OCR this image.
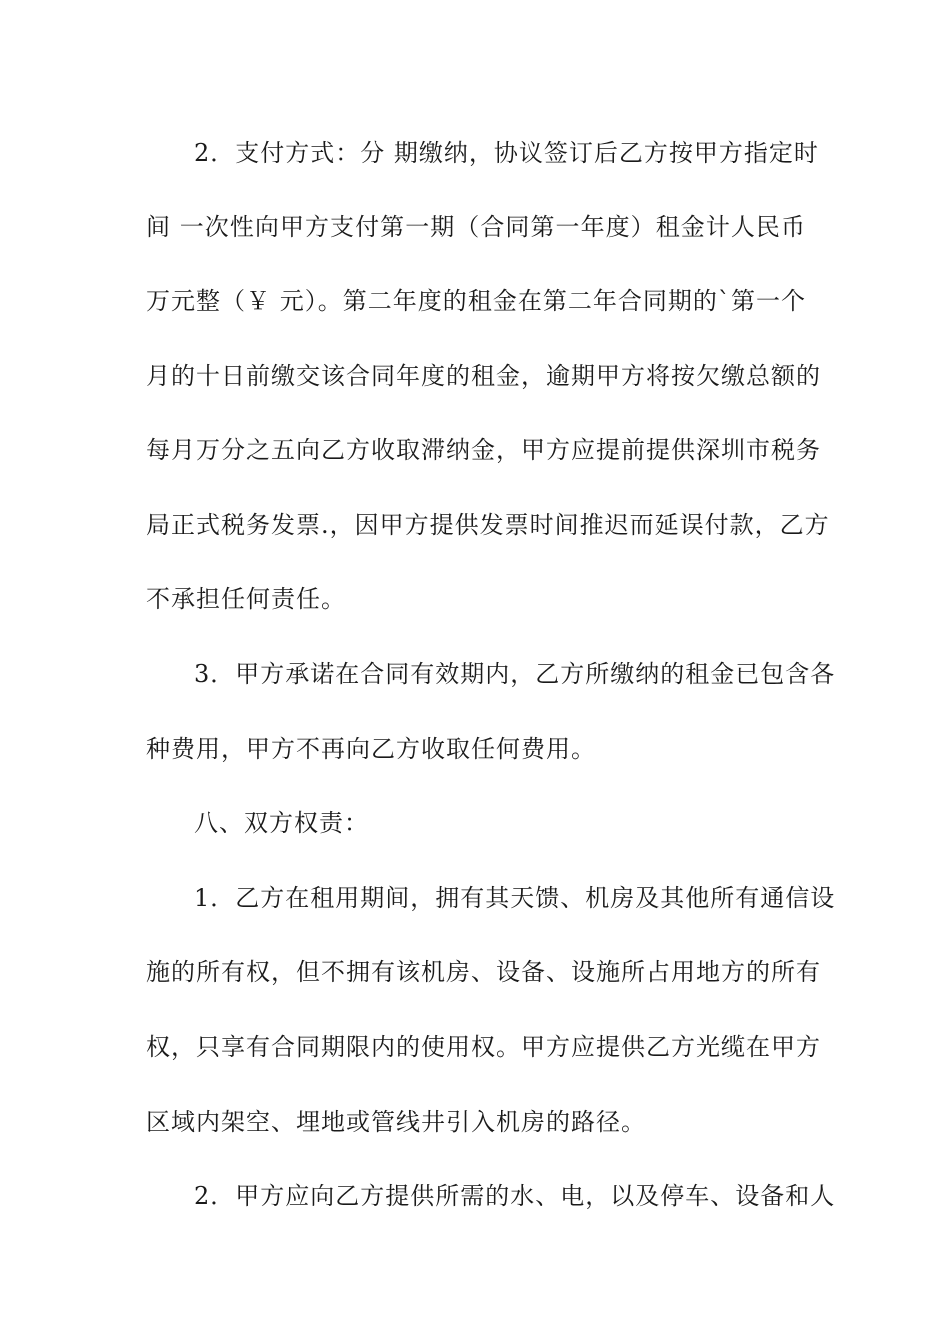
2．支付方式：分 期缴纳，协议签订后乙方按甲方指定时
间 一次性向甲方支付第一期（合同第一年度）租金计人民币
万元整（￥ 元）。第二年度的租金在第二年合同期的`第一个
月的十日前缴交该合同年度的租金，逾期甲方将按欠缴总额的
每月万分之五向乙方收取滞纳金，甲方应提前提供深圳市税务
局正式税务发票.，因甲方提供发票时间推迟而延误付款，乙方
不承担任何责任。
3．甲方承诺在合同有效期内，乙方所缴纳的租金已包含各
种费用，甲方不再向乙方收取任何费用。
八、双方权责：
1．乙方在租用期间，拥有其天馈、机房及其他所有通信设
施的所有权，但不拥有该机房、设备、设施所占用地方的所有
权，只享有合同期限内的使用权。甲方应提供乙方光缆在甲方
区域内架空、埋地或管线井引入机房的路径。
2．甲方应向乙方提供所需的水、电，以及停车、设备和人
